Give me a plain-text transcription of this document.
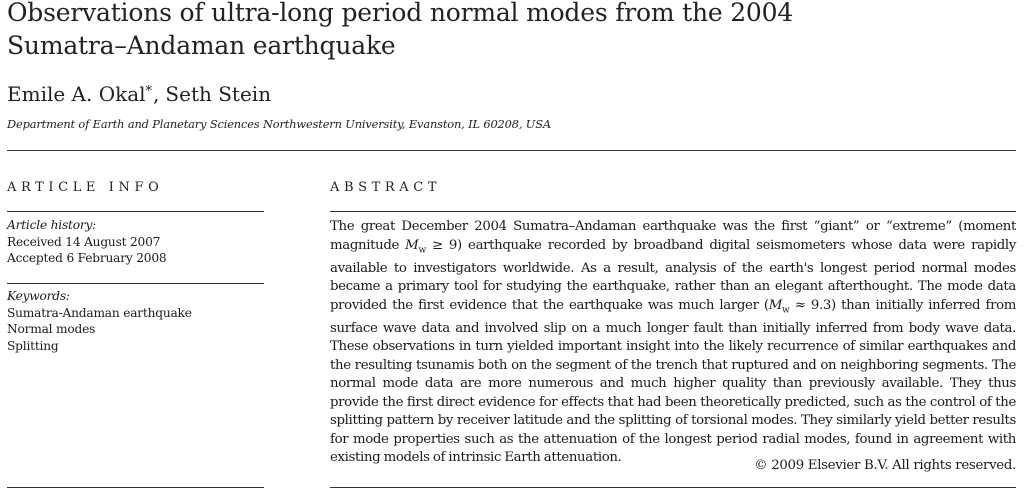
Observations of ultra-long period normal modes from the 2004
Sumatra–Andaman earthquake

Emile A. Okal*, Seth Stein

Department of Earth and Planetary Sciences Northwestern University, Evanston, IL 60208, USA

ARTICLE INFO	ABSTRACT
Article history:
Received 14 August 2007
Accepted 6 February 2008
Keywords:
Sumatra-Andaman earthquake
Normal modes
Splitting

The great December 2004 Sumatra–Andaman earthquake was the first “giant” or “extreme” (moment magnitude $M_w \ge 9$) earthquake recorded by broadband digital seismometers whose data were rapidly available to investigators worldwide. As a result, analysis of the earth's longest period normal modes became a primary tool for studying the earthquake, rather than an elegant afterthought. The mode data provided the first evidence that the earthquake was much larger $(M_w \approx 9.3)$ than initially inferred from surface wave data and involved slip on a much longer fault than initially inferred from body wave data. These observations in turn yielded important insight into the likely recurrence of similar earthquakes and the resulting tsunamis both on the segment of the trench that ruptured and on neighboring segments. The normal mode data are more numerous and much higher quality than previously available. They thus provide the first direct evidence for effects that had been theoretically predicted, such as the control of the splitting pattern by receiver latitude and the splitting of torsional modes. They similarly yield better results for mode properties such as the attenuation of the longest period radial modes, found in agreement with existing models of intrinsic Earth attenuation.

© 2009 Elsevier B.V. All rights reserved.
